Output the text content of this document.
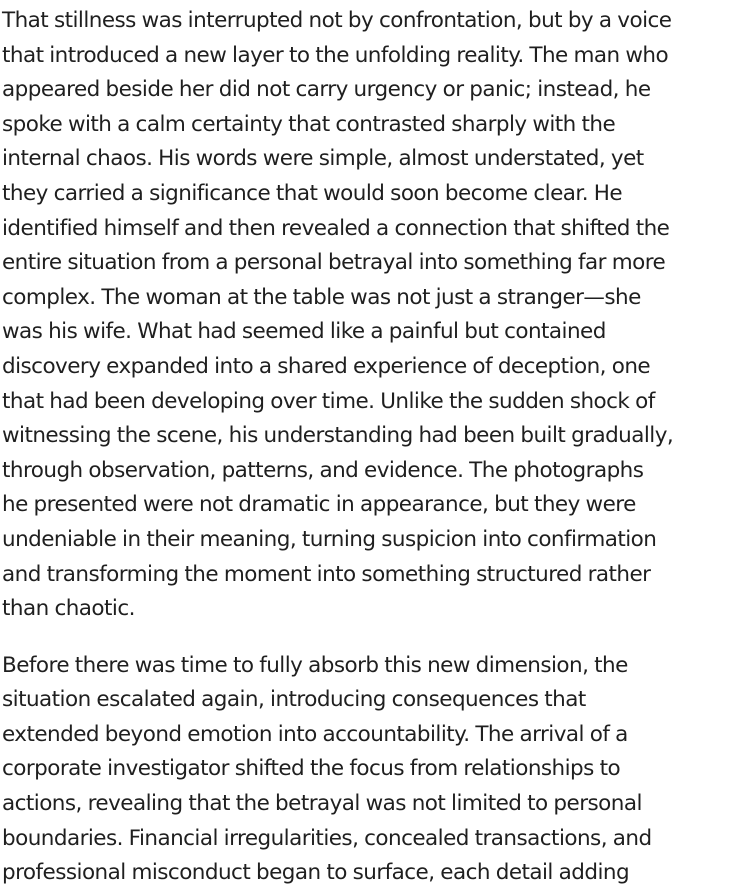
That stillness was interrupted not by confrontation, but by a voice
that introduced a new layer to the unfolding reality. The man who
appeared beside her did not carry urgency or panic; instead, he
spoke with a calm certainty that contrasted sharply with the
internal chaos. His words were simple, almost understated, yet
they carried a significance that would soon become clear. He
identified himself and then revealed a connection that shifted the
entire situation from a personal betrayal into something far more
complex. The woman at the table was not just a stranger—she
was his wife. What had seemed like a painful but contained
discovery expanded into a shared experience of deception, one
that had been developing over time. Unlike the sudden shock of
witnessing the scene, his understanding had been built gradually,
through observation, patterns, and evidence. The photographs
he presented were not dramatic in appearance, but they were
undeniable in their meaning, turning suspicion into confirmation
and transforming the moment into something structured rather
than chaotic.

Before there was time to fully absorb this new dimension, the
situation escalated again, introducing consequences that
extended beyond emotion into accountability. The arrival of a
corporate investigator shifted the focus from relationships to
actions, revealing that the betrayal was not limited to personal
boundaries. Financial irregularities, concealed transactions, and
professional misconduct began to surface, each detail adding
